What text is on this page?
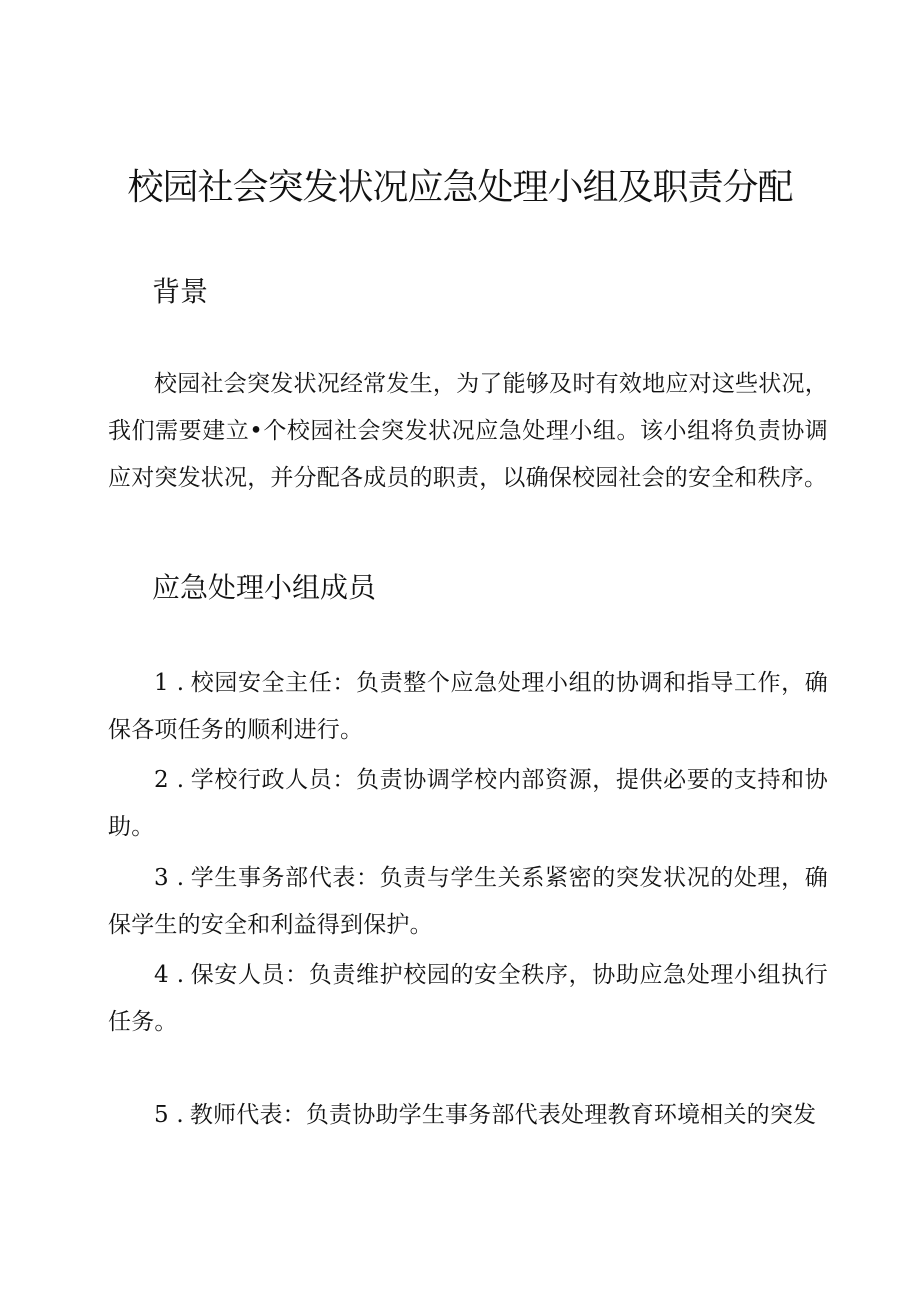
校园社会突发状况应急处理小组及职责分配
背景
校园社会突发状况经常发生，为了能够及时有效地应对这些状况，我们需要建立•个校园社会突发状况应急处理小组。该小组将负责协调应对突发状况，并分配各成员的职责，以确保校园社会的安全和秩序。
应急处理小组成员
1 . 校园安全主任：负责整个应急处理小组的协调和指导工作，确保各项任务的顺利进行。
2 . 学校行政人员：负责协调学校内部资源，提供必要的支持和协助。
3 . 学生事务部代表：负责与学生关系紧密的突发状况的处理，确保学生的安全和利益得到保护。
4 . 保安人员：负责维护校园的安全秩序，协助应急处理小组执行任务。
5 . 教师代表：负责协助学生事务部代表处理教育环境相关的突发
